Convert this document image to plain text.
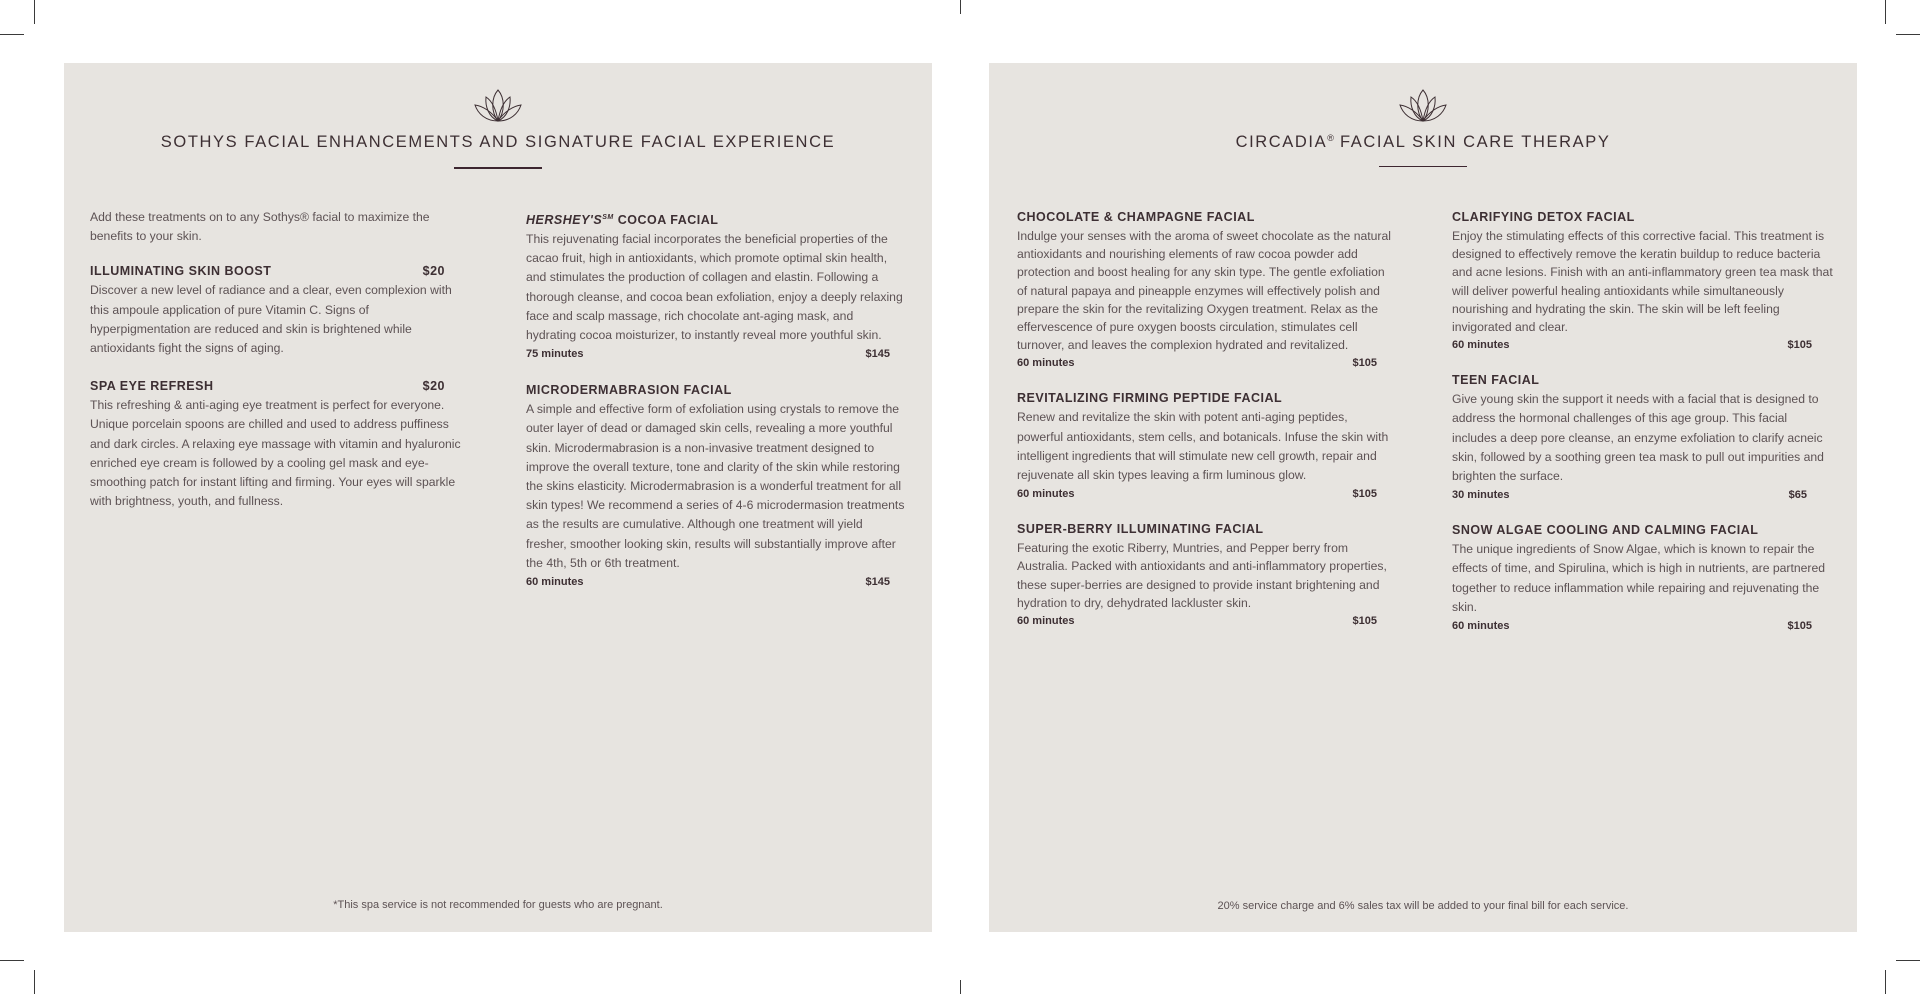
SOTHYS FACIAL ENHANCEMENTS AND SIGNATURE FACIAL EXPERIENCE

Add these treatments on to any Sothys® facial to maximize the benefits to your skin.

ILLUMINATING SKIN BOOST	$20

Discover a new level of radiance and a clear, even complexion with this ampoule application of pure Vitamin C. Signs of hyperpigmentation are reduced and skin is brightened while antioxidants fight the signs of aging.

SPA EYE REFRESH	$20

This refreshing & anti-aging eye treatment is perfect for everyone. Unique porcelain spoons are chilled and used to address puffiness and dark circles. A relaxing eye massage with vitamin and hyaluronic enriched eye cream is followed by a cooling gel mask and eye-smoothing patch for instant lifting and firming. Your eyes will sparkle with brightness, youth, and fullness.

HERSHEY'S℠ COCOA FACIAL

This rejuvenating facial incorporates the beneficial properties of the cacao fruit, high in antioxidants, which promote optimal skin health, and stimulates the production of collagen and elastin. Following a thorough cleanse, and cocoa bean exfoliation, enjoy a deeply relaxing face and scalp massage, rich chocolate ant-aging mask, and hydrating cocoa moisturizer, to instantly reveal more youthful skin.

75 minutes	$145
MICRODERMABRASION FACIAL

A simple and effective form of exfoliation using crystals to remove the outer layer of dead or damaged skin cells, revealing a more youthful skin. Microdermabrasion is a non-invasive treatment designed to improve the overall texture, tone and clarity of the skin while restoring the skins elasticity. Microdermabrasion is a wonderful treatment for all skin types! We recommend a series of 4-6 microdermasion treatments as the results are cumulative. Although one treatment will yield fresher, smoother looking skin, results will substantially improve after the 4th, 5th or 6th treatment.

60 minutes	$145
*This spa service is not recommended for guests who are pregnant.
CIRCADIA® FACIAL SKIN CARE THERAPY
CHOCOLATE & CHAMPAGNE FACIAL

Indulge your senses with the aroma of sweet chocolate as the natural antioxidants and nourishing elements of raw cocoa powder add protection and boost healing for any skin type. The gentle exfoliation of natural papaya and pineapple enzymes will effectively polish and prepare the skin for the revitalizing Oxygen treatment. Relax as the effervescence of pure oxygen boosts circulation, stimulates cell turnover, and leaves the complexion hydrated and revitalized.

60 minutes	$105
REVITALIZING FIRMING PEPTIDE FACIAL

Renew and revitalize the skin with potent anti-aging peptides, powerful antioxidants, stem cells, and botanicals. Infuse the skin with intelligent ingredients that will stimulate new cell growth, repair and rejuvenate all skin types leaving a firm luminous glow.

60 minutes	$105
SUPER-BERRY ILLUMINATING FACIAL

Featuring the exotic Riberry, Muntries, and Pepper berry from Australia. Packed with antioxidants and anti-inflammatory properties, these super-berries are designed to provide instant brightening and hydration to dry, dehydrated lackluster skin.

60 minutes	$105
CLARIFYING DETOX FACIAL

Enjoy the stimulating effects of this corrective facial. This treatment is designed to effectively remove the keratin buildup to reduce bacteria and acne lesions. Finish with an anti-inflammatory green tea mask that will deliver powerful healing antioxidants while simultaneously nourishing and hydrating the skin. The skin will be left feeling invigorated and clear.

60 minutes	$105
TEEN FACIAL

Give young skin the support it needs with a facial that is designed to address the hormonal challenges of this age group. This facial includes a deep pore cleanse, an enzyme exfoliation to clarify acneic skin, followed by a soothing green tea mask to pull out impurities and brighten the surface.

30 minutes	$65
SNOW ALGAE COOLING AND CALMING FACIAL

The unique ingredients of Snow Algae, which is known to repair the effects of time, and Spirulina, which is high in nutrients, are partnered together to reduce inflammation while repairing and rejuvenating the skin.

60 minutes	$105
20% service charge and 6% sales tax will be added to your final bill for each service.
